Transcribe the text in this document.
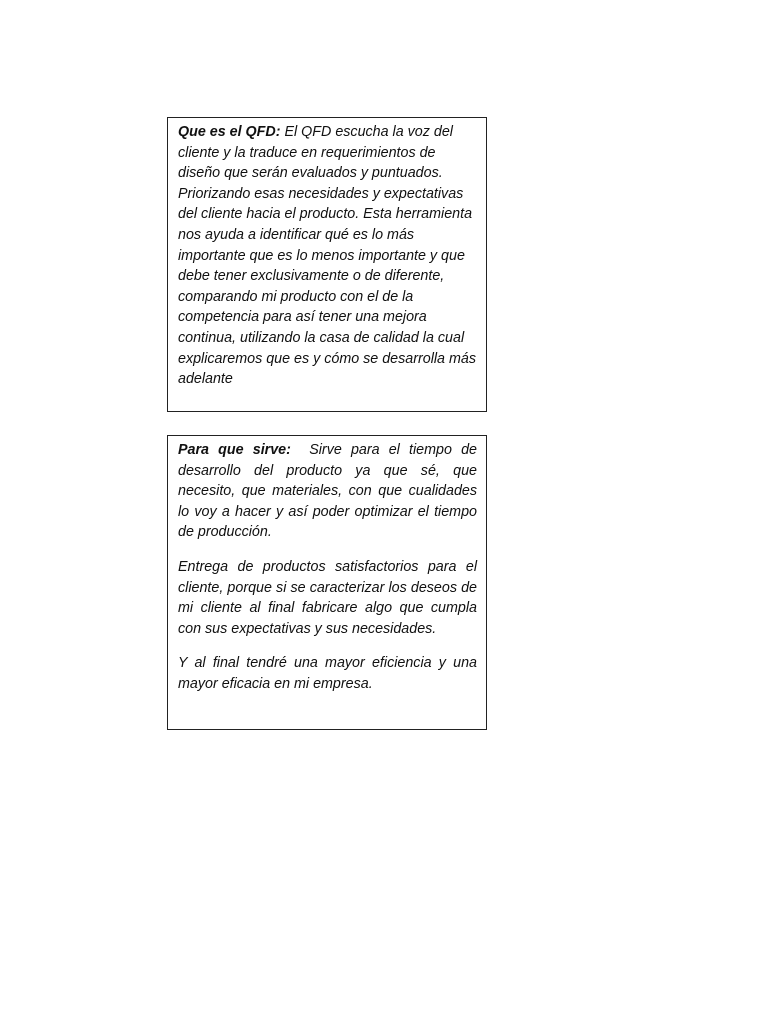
Que es el QFD: El QFD escucha la voz del cliente y la traduce en requerimientos de diseño que serán evaluados y puntuados. Priorizando esas necesidades y expectativas del cliente hacia el producto. Esta herramienta nos ayuda a identificar qué es lo más importante que es lo menos importante y que debe tener exclusivamente o de diferente, comparando mi producto con el de la competencia para así tener una mejora continua, utilizando la casa de calidad la cual explicaremos que es y cómo se desarrolla más adelante

Para que sirve: Sirve para el tiempo de desarrollo del producto ya que sé, que necesito, que materiales, con que cualidades lo voy a hacer y así poder optimizar el tiempo de producción.

Entrega de productos satisfactorios para el cliente, porque si se caracterizar los deseos de mi cliente al final fabricare algo que cumpla con sus expectativas y sus necesidades.

Y al final tendré una mayor eficiencia y una mayor eficacia en mi empresa.
